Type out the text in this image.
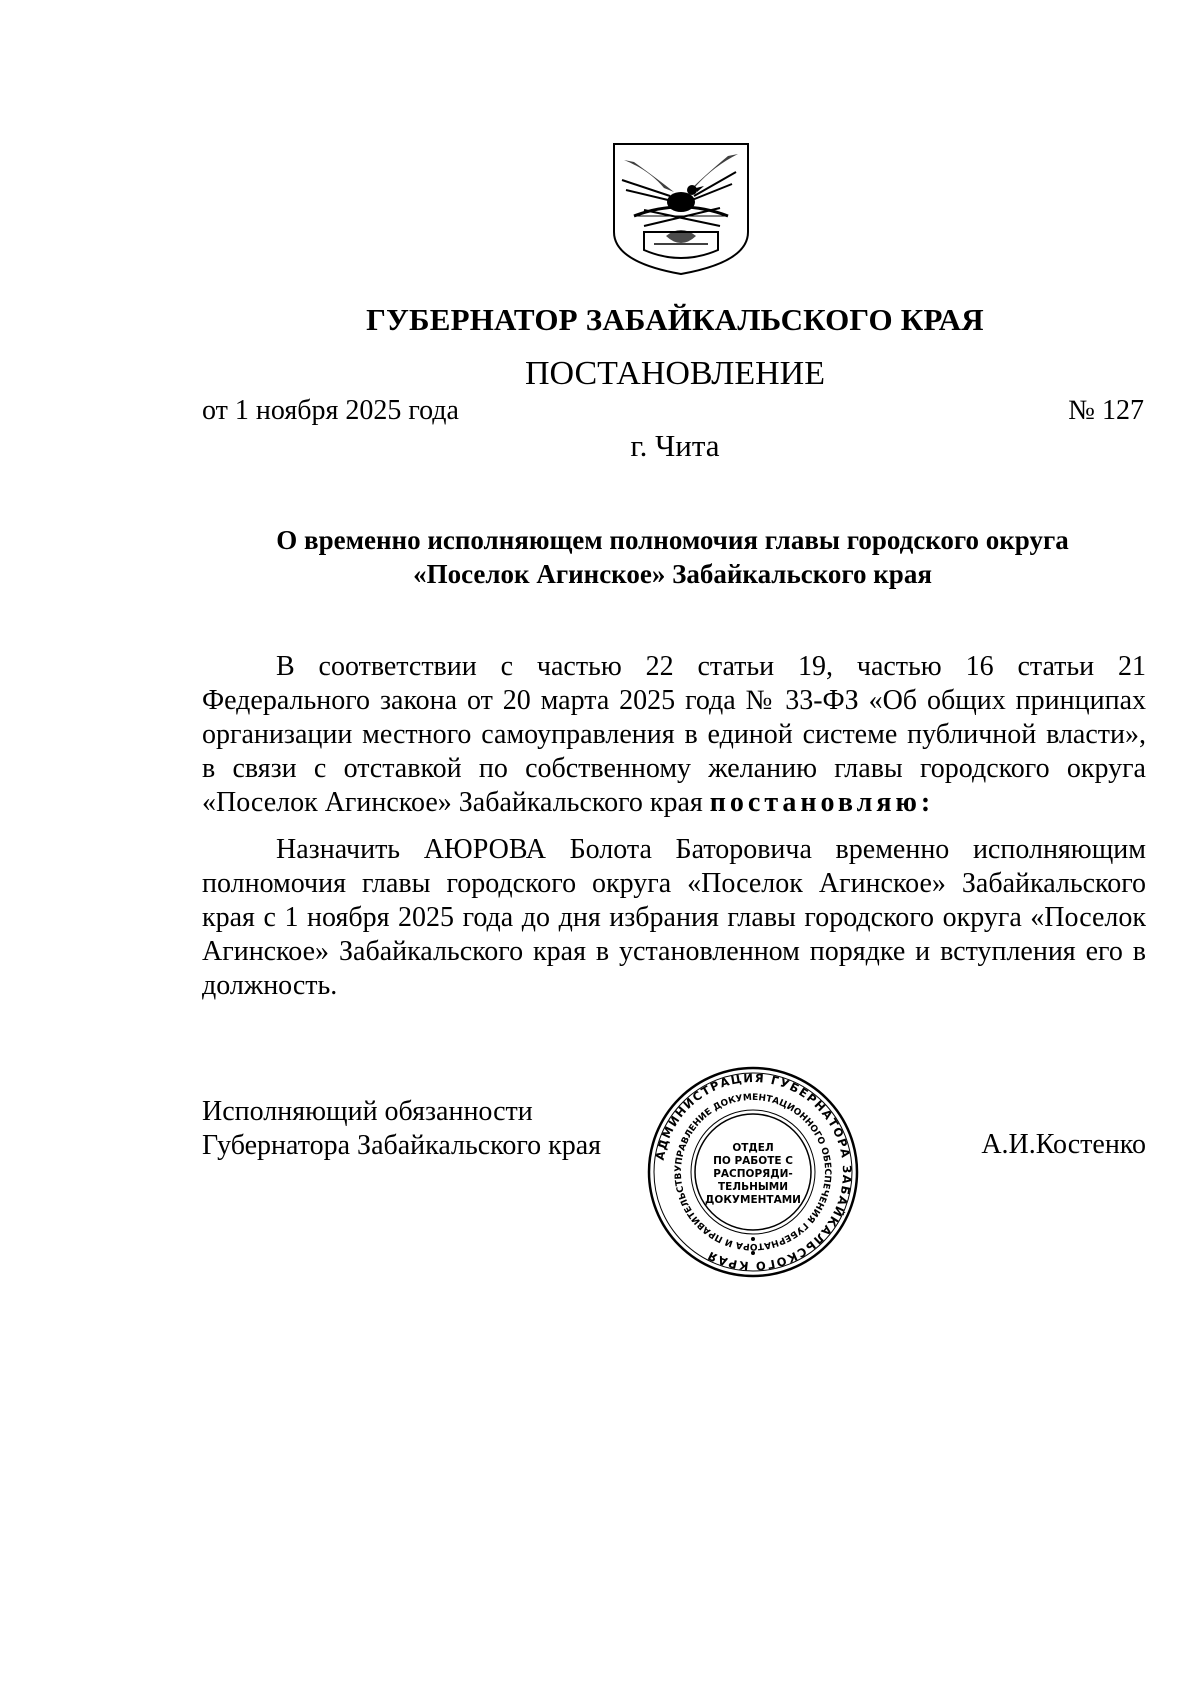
ГУБЕРНАТОР ЗАБАЙКАЛЬСКОГО КРАЯ
ПОСТАНОВЛЕНИЕ
от 1 ноября 2025 года	№ 127
г. Чита
О временно исполняющем полномочия главы городского округа
«Поселок Агинское» Забайкальского края

В соответствии с частью 22 статьи 19, частью 16 статьи 21 Федерального закона от 20 марта 2025 года № 33-ФЗ «Об общих принципах организации местного самоуправления в единой системе публичной власти», в связи с отставкой по собственному желанию главы городского округа «Поселок Агинское» Забайкальского края постановляю:

Назначить АЮРОВА Болота Баторовича временно исполняющим полномочия главы городского округа «Поселок Агинское» Забайкальского края с 1 ноября 2025 года до дня избрания главы городского округа «Поселок Агинское» Забайкальского края в установленном порядке и вступления его в должность.

Исполняющий обязанности
Губернатора Забайкальского края	АДМИНИСТРАЦИЯ ГУБЕРНАТОРА ЗАБАЙКАЛЬСКОГО КРАЯ
УПРАВЛЕНИЕ ДОКУМЕНТАЦИОННОГО ОБЕСПЕЧЕНИЯ ГУБЕРНАТОРА И ПРАВИТЕЛЬСТВ
ОТДЕЛ
ПО РАБОТЕ С
РАСПОРЯДИ-
ТЕЛЬНЫМИ
ДОКУМЕНТАМИ
А.И.Костенко
